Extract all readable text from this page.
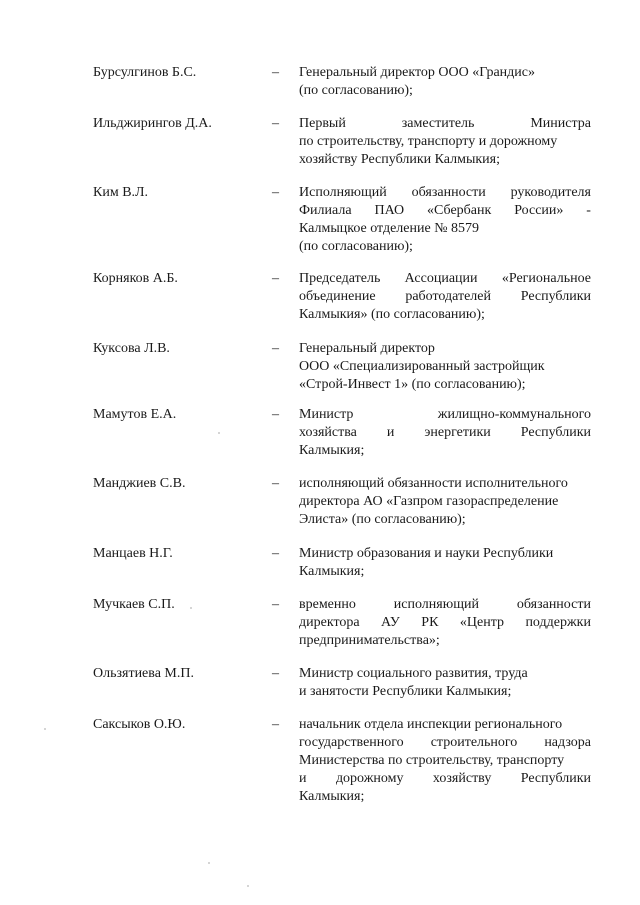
Бурсулгинов Б.С.	– Генеральный директор ООО «Грандис»
(по согласованию);
Ильджирингов Д.А.	– Первый	заместитель	Министра
по строительству, транспорту и дорожному
хозяйству Республики Калмыкия;
Ким В.Л.	– Исполняющий обязанности руководителя
Филиала ПАО «Сбербанк России» -
Калмыцкое отделение № 8579
(по согласованию);
Корняков А.Б.	– Председатель Ассоциации «Региональное
объединение работодателей Республики
Калмыкия» (по согласованию);
Куксова Л.В.	– Генеральный директор
ООО «Специализированный застройщик
«Строй-Инвест 1» (по согласованию);
Мамутов Е.А.	– Министр	жилищно-коммунального
хозяйства и энергетики Республики
Калмыкия;
Манджиев С.В.	– исполняющий обязанности исполнительного
директора АО «Газпром газораспределение
Элиста» (по согласованию);
Манцаев Н.Г.	– Министр образования и науки Республики
Калмыкия;
Мучкаев С.П.	– временно	исполняющий	обязанности
директора АУ РК «Центр поддержки
предпринимательства»;
Ользятиева М.П.	– Министр социального развития, труда
и занятости Республики Калмыкия;
Саксыков О.Ю.	– начальник отдела инспекции регионального
государственного строительного надзора
Министерства по строительству, транспорту
и дорожному хозяйству Республики
Калмыкия;
